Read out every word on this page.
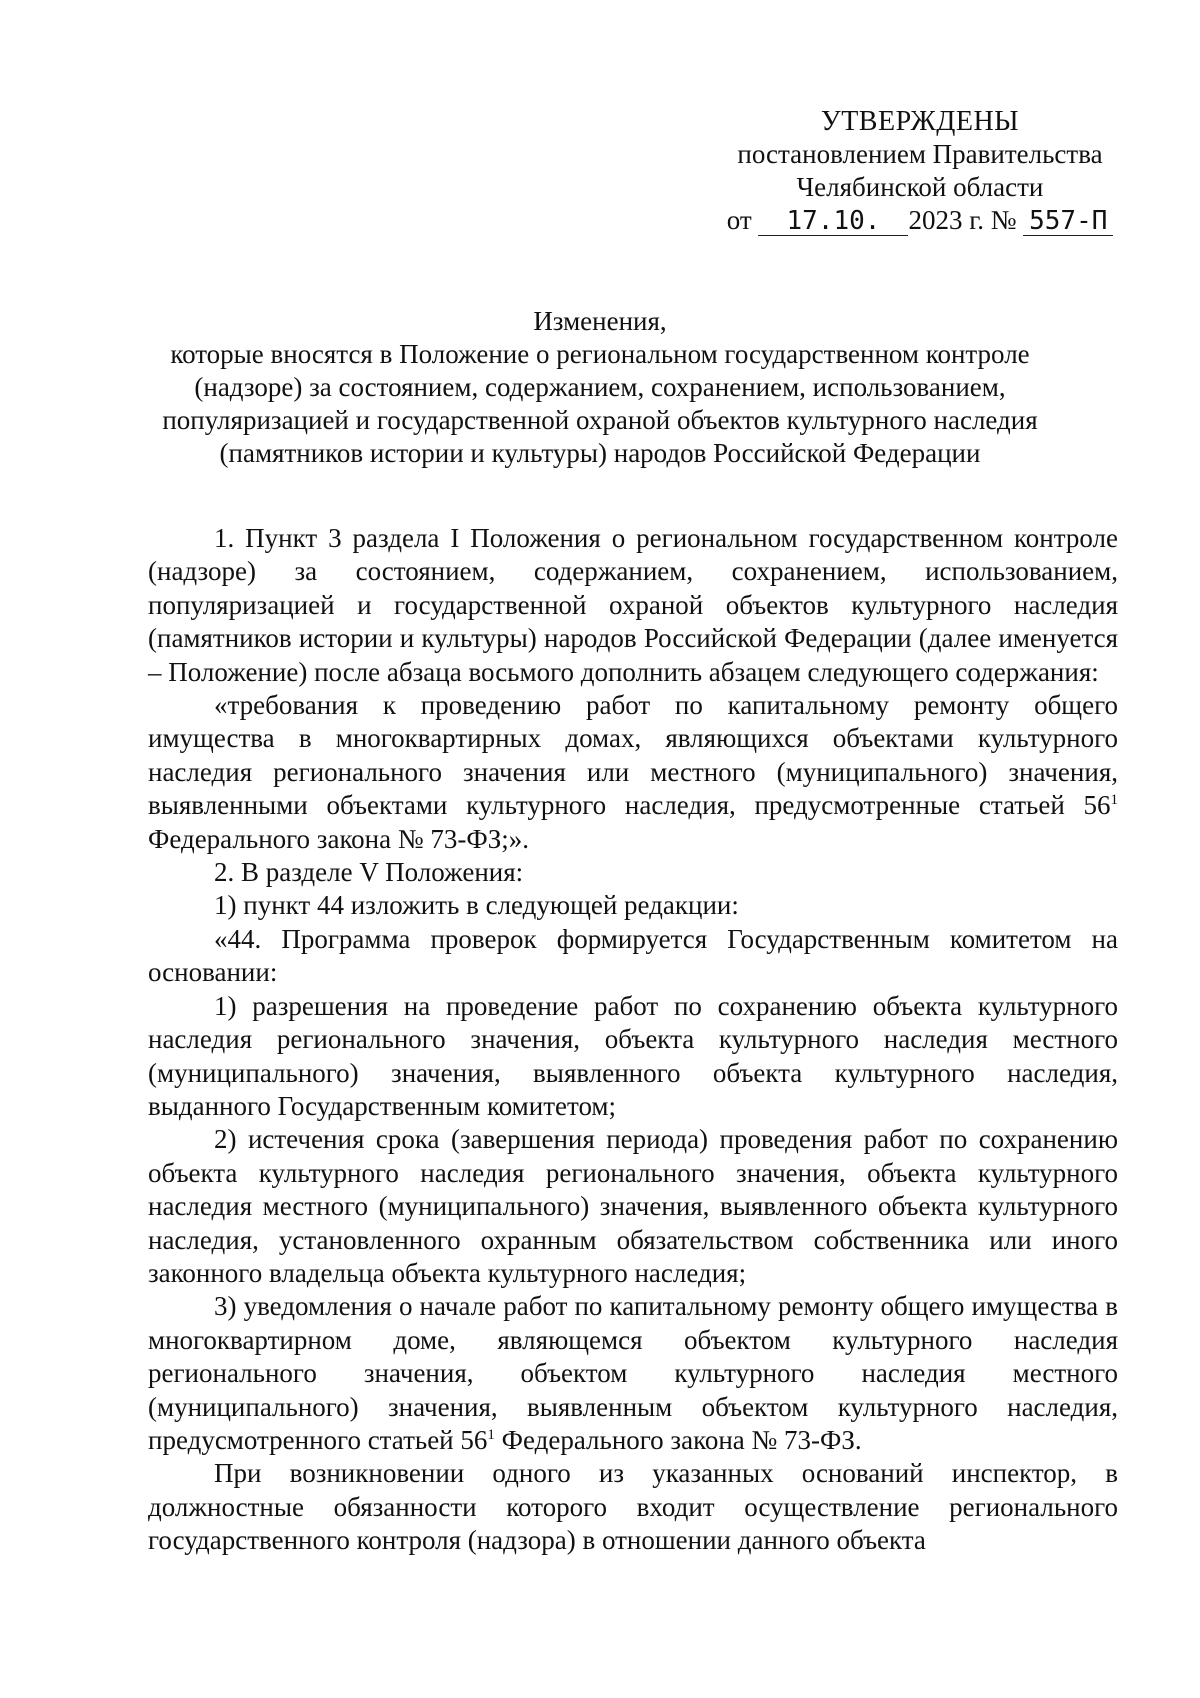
УТВЕРЖДЕНЫ
постановлением Правительства
Челябинской области
от 17.10. 2023 г. № 557-П
Изменения,
которые вносятся в Положение о региональном государственном контроле
(надзоре) за состоянием, содержанием, сохранением, использованием,
популяризацией и государственной охраной объектов культурного наследия
(памятников истории и культуры) народов Российской Федерации

1. Пункт 3 раздела I Положения о региональном государственном контроле (надзоре) за состоянием, содержанием, сохранением, использованием, популяризацией и государственной охраной объектов культурного наследия (памятников истории и культуры) народов Российской Федерации (далее именуется – Положение) после абзаца восьмого дополнить абзацем следующего содержания:

«требования к проведению работ по капитальному ремонту общего имущества в многоквартирных домах, являющихся объектами культурного наследия регионального значения или местного (муниципального) значения, выявленными объектами культурного наследия, предусмотренные статьей $56^1$ Федерального закона № 73-ФЗ;».

2. В разделе V Положения:

1) пункт 44 изложить в следующей редакции:

«44. Программа проверок формируется Государственным комитетом на основании:

1) разрешения на проведение работ по сохранению объекта культурного наследия регионального значения, объекта культурного наследия местного (муниципального) значения, выявленного объекта культурного наследия, выданного Государственным комитетом;

2) истечения срока (завершения периода) проведения работ по сохранению объекта культурного наследия регионального значения, объекта культурного наследия местного (муниципального) значения, выявленного объекта культурного наследия, установленного охранным обязательством собственника или иного законного владельца объекта культурного наследия;

3) уведомления о начале работ по капитальному ремонту общего имущества в многоквартирном доме, являющемся объектом культурного наследия регионального значения, объектом культурного наследия местного (муниципального) значения, выявленным объектом культурного наследия, предусмотренного статьей $56^1$ Федерального закона № 73-ФЗ.

При возникновении одного из указанных оснований инспектор, в должностные обязанности которого входит осуществление регионального государственного контроля (надзора) в отношении данного объекта
